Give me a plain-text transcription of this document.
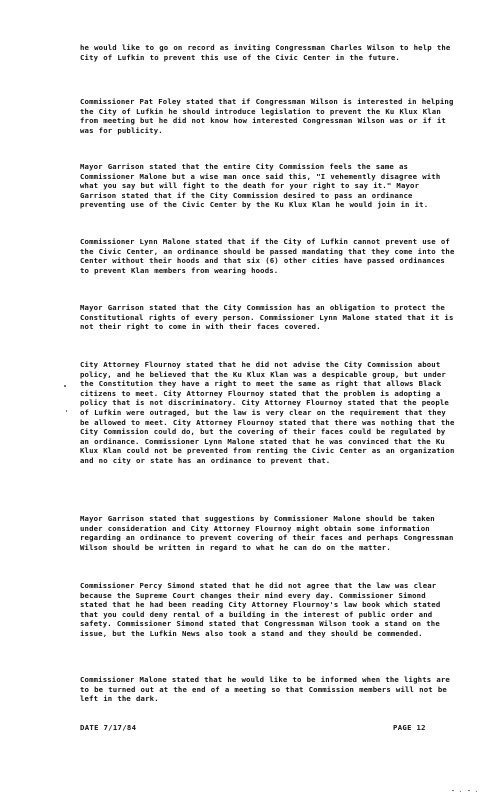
he would like to go on record as inviting Congressman Charles Wilson to help the City of Lufkin to prevent this use of the Civic Center in the future.

Commissioner Pat Foley stated that if Congressman Wilson is interested in helping the City of Lufkin he should introduce legislation to prevent the Ku Klux Klan from meeting but he did not know how interested Congressman Wilson was or if it was for publicity.

Mayor Garrison stated that the entire City Commission feels the same as Commissioner Malone but a wise man once said this, "I vehemently disagree with what you say but will fight to the death for your right to say it." Mayor Garrison stated that if the City Commission desired to pass an ordinance preventing use of the Civic Center by the Ku Klux Klan he would join in it.

Commissioner Lynn Malone stated that if the City of Lufkin cannot prevent use of the Civic Center, an ordinance should be passed mandating that they come into the Center without their hoods and that six (6) other cities have passed ordinances to prevent Klan members from wearing hoods.

Mayor Garrison stated that the City Commission has an obligation to protect the Constitutional rights of every person. Commissioner Lynn Malone stated that it is not their right to come in with their faces covered.

City Attorney Flournoy stated that he did not advise the City Commission about policy, and he believed that the Ku Klux Klan was a despicable group, but under the Constitution they have a right to meet the same as right that allows Black citizens to meet. City Attorney Flournoy stated that the problem is adopting a policy that is not discriminatory. City Attorney Flournoy stated that the people of Lufkin were outraged, but the law is very clear on the requirement that they be allowed to meet. City Attorney Flournoy stated that there was nothing that the City Commission could do, but the covering of their faces could be regulated by an ordinance. Commissioner Lynn Malone stated that he was convinced that the Ku Klux Klan could not be prevented from renting the Civic Center as an organization and no city or state has an ordinance to prevent that.

Mayor Garrison stated that suggestions by Commissioner Malone should be taken under consideration and City Attorney Flournoy might obtain some information regarding an ordinance to prevent covering of their faces and perhaps Congressman Wilson should be written in regard to what he can do on the matter.

Commissioner Percy Simond stated that he did not agree that the law was clear because the Supreme Court changes their mind every day. Commissioner Simond stated that he had been reading City Attorney Flournoy's law book which stated that you could deny rental of a building in the interest of public order and safety. Commissioner Simond stated that Congressman Wilson took a stand on the issue, but the Lufkin News also took a stand and they should be commended.

Commissioner Malone stated that he would like to be informed when the lights are to be turned out at the end of a meeting so that Commission members will not be left in the dark.

DATE 7/17/84	PAGE 12
